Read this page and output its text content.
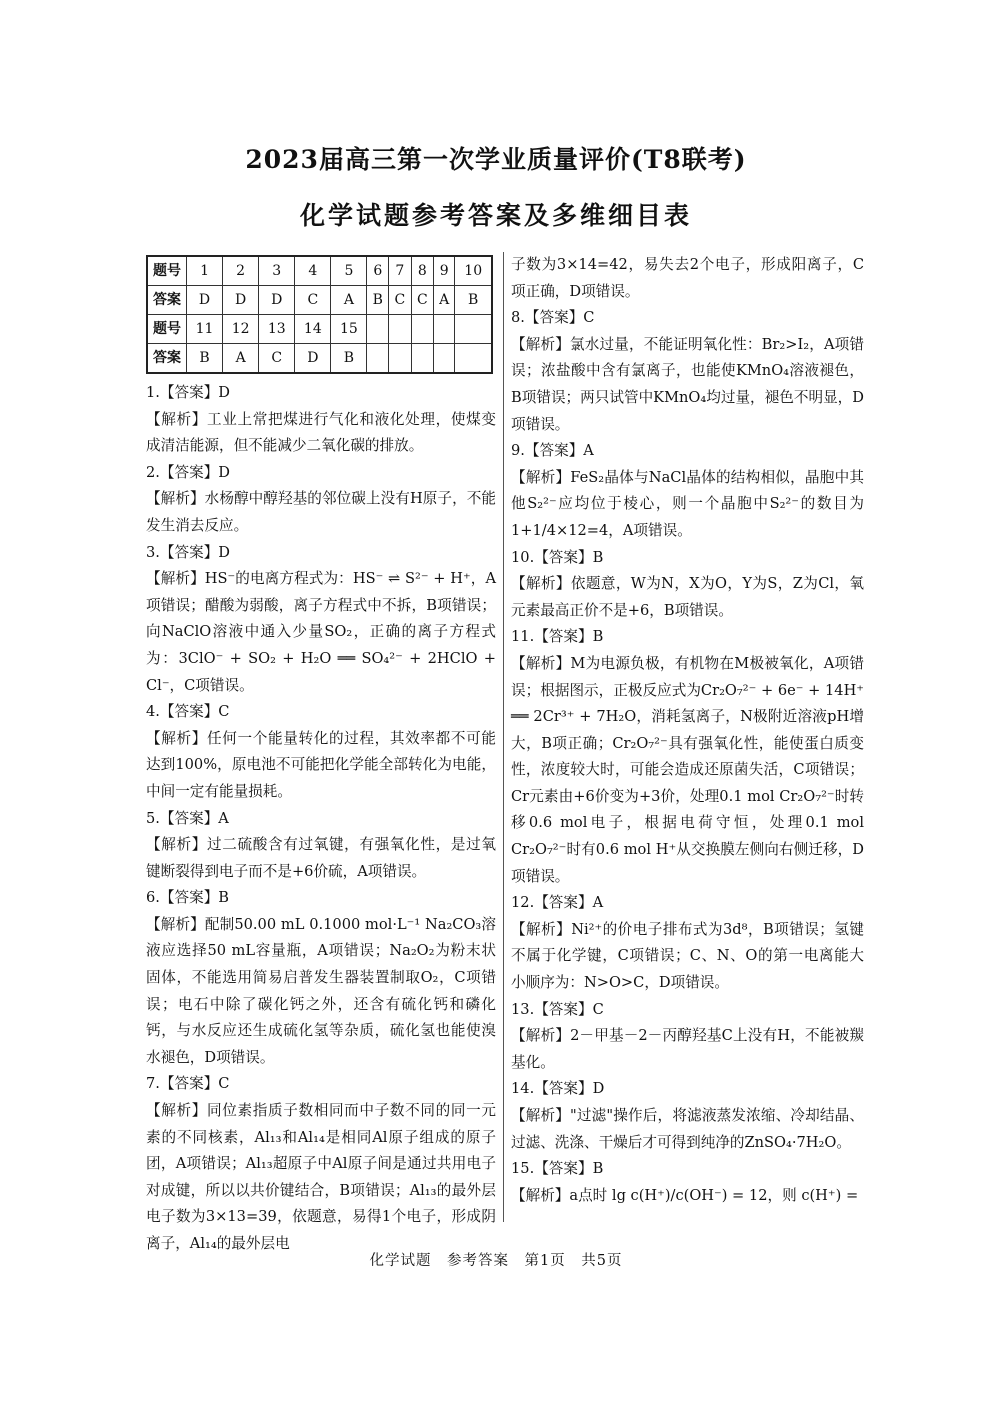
2023届高三第一次学业质量评价(T8联考)
化学试题参考答案及多维细目表
题号	1	2	3	4	5	6	7	8	9	10
答案	D	D	D	C	A	B	C	C	A	B
题号	11	12	13	14	15					
答案	B	A	C	D	B					

1.【答案】D

【解析】工业上常把煤进行气化和液化处理，使煤变成清洁能源，但不能减少二氧化碳的排放。

2.【答案】D

【解析】水杨醇中醇羟基的邻位碳上没有H原子，不能发生消去反应。

3.【答案】D

【解析】HS⁻的电离方程式为：HS⁻ ⇌ S²⁻ + H⁺，A项错误；醋酸为弱酸，离子方程式中不拆，B项错误；向NaClO溶液中通入少量SO₂，正确的离子方程式为：3ClO⁻ + SO₂ + H₂O ══ SO₄²⁻ + 2HClO + Cl⁻，C项错误。

4.【答案】C

【解析】任何一个能量转化的过程，其效率都不可能达到100%，原电池不可能把化学能全部转化为电能，中间一定有能量损耗。

5.【答案】A

【解析】过二硫酸含有过氧键，有强氧化性，是过氧键断裂得到电子而不是+6价硫，A项错误。

6.【答案】B

【解析】配制50.00 mL 0.1000 mol·L⁻¹ Na₂CO₃溶液应选择50 mL容量瓶，A项错误；Na₂O₂为粉末状固体，不能选用简易启普发生器装置制取O₂，C项错误；电石中除了碳化钙之外，还含有硫化钙和磷化钙，与水反应还生成硫化氢等杂质，硫化氢也能使溴水褪色，D项错误。

7.【答案】C

【解析】同位素指质子数相同而中子数不同的同一元素的不同核素，Al₁₃和Al₁₄是相同Al原子组成的原子团，A项错误；Al₁₃超原子中Al原子间是通过共用电子对成键，所以以共价键结合，B项错误；Al₁₃的最外层电子数为3×13=39，依题意，易得1个电子，形成阴离子，Al₁₄的最外层电

子数为3×14=42，易失去2个电子，形成阳离子，C项正确，D项错误。

8.【答案】C

【解析】氯水过量，不能证明氧化性：Br₂>I₂，A项错误；浓盐酸中含有氯离子，也能使KMnO₄溶液褪色，B项错误；两只试管中KMnO₄均过量，褪色不明显，D项错误。

9.【答案】A

【解析】FeS₂晶体与NaCl晶体的结构相似，晶胞中其他S₂²⁻应均位于棱心，则一个晶胞中S₂²⁻的数目为1+1/4×12=4，A项错误。

10.【答案】B

【解析】依题意，W为N，X为O，Y为S，Z为Cl，氧元素最高正价不是+6，B项错误。

11.【答案】B

【解析】M为电源负极，有机物在M极被氧化，A项错误；根据图示，正极反应式为Cr₂O₇²⁻ + 6e⁻ + 14H⁺ ══ 2Cr³⁺ + 7H₂O，消耗氢离子，N极附近溶液pH增大，B项正确；Cr₂O₇²⁻具有强氧化性，能使蛋白质变性，浓度较大时，可能会造成还原菌失活，C项错误；Cr元素由+6价变为+3价，处理0.1 mol Cr₂O₇²⁻时转移0.6 mol电子，根据电荷守恒，处理0.1 mol Cr₂O₇²⁻时有0.6 mol H⁺从交换膜左侧向右侧迁移，D项错误。

12.【答案】A

【解析】Ni²⁺的价电子排布式为3d⁸，B项错误；氢键不属于化学键，C项错误；C、N、O的第一电离能大小顺序为：N>O>C，D项错误。

13.【答案】C

【解析】2－甲基－2－丙醇羟基C上没有H，不能被羰基化。

14.【答案】D

【解析】"过滤"操作后，将滤液蒸发浓缩、冷却结晶、过滤、洗涤、干燥后才可得到纯净的ZnSO₄·7H₂O。

15.【答案】B

【解析】a点时 lg c(H⁺)/c(OH⁻) = 12，则 c(H⁺) =

化学试题　参考答案　第1页　共5页
